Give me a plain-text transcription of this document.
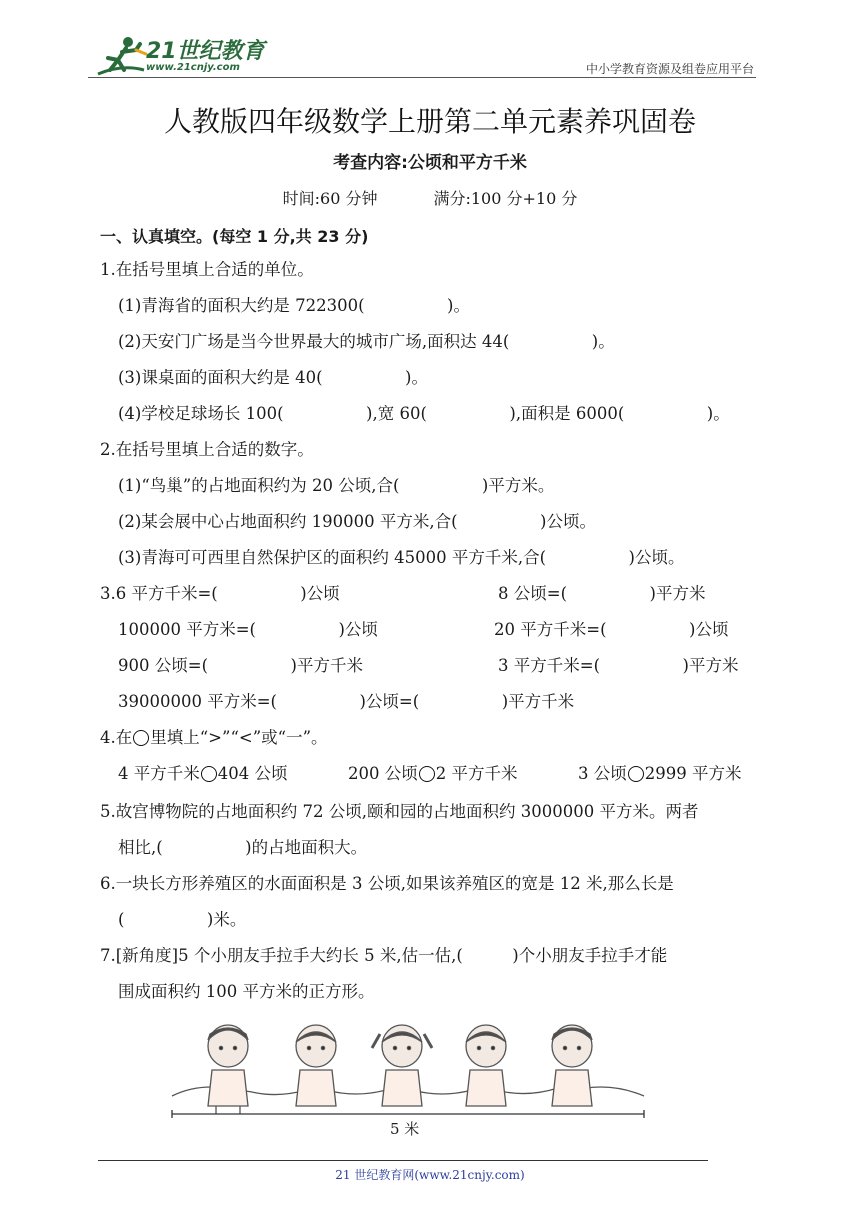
21世纪教育
www.21cnjy.com	中小学教育资源及组卷应用平台
人教版四年级数学上册第二单元素养巩固卷
考查内容:公顷和平方千米
时间:60 分钟	满分:100 分+10 分
一、认真填空。(每空 1 分,共 23 分)
1.在括号里填上合适的单位。
(1)青海省的面积大约是 722300(　　　　　)。
(2)天安门广场是当今世界最大的城市广场,面积达 44(　　　　　)。
(3)课桌面的面积大约是 40(　　　　　)。
(4)学校足球场长 100(　　　　　),宽 60(　　　　　),面积是 6000(　　　　　)。
2.在括号里填上合适的数字。
(1)“鸟巢”的占地面积约为 20 公顷,合(　　　　　)平方米。
(2)某会展中心占地面积约 190000 平方米,合(　　　　　)公顷。
(3)青海可可西里自然保护区的面积约 45000 平方千米,合(　　　　　)公顷。
3.6 平方千米=(　　　　　)公顷	8 公顷=(　　　　　)平方米
100000 平方米=(　　　　　)公顷	20 平方千米=(　　　　　)公顷
900 公顷=(　　　　　)平方千米	3 平方千米=(　　　　　)平方米
39000000 平方米=(　　　　　)公顷=(　　　　　)平方千米
4.在 里填上“>”“<”或“一”。
4 平方千米 404 公顷	200 公顷 2 平方千米	3 公顷 2999 平方米
5.故宫博物院的占地面积约 72 公顷,颐和园的占地面积约 3000000 平方米。两者
相比,(　　　　　)的占地面积大。
6.一块长方形养殖区的水面面积是 3 公顷,如果该养殖区的宽是 12 米,那么长是
(　　　　　)米。
7.[新角度]5 个小朋友手拉手大约长 5 米,估一估,(　　　)个小朋友手拉手才能
围成面积约 100 平方米的正方形。
5 米
21 世纪教育网(www.21cnjy.com)
